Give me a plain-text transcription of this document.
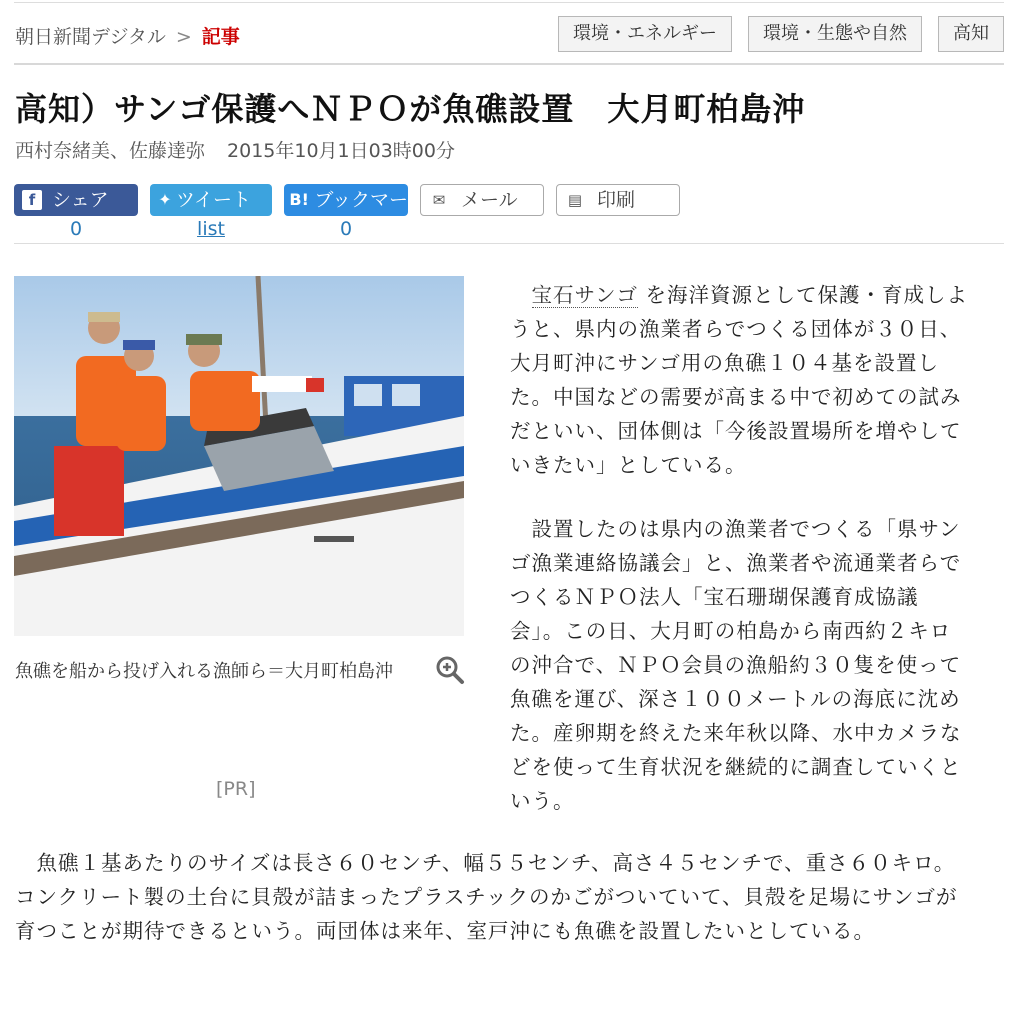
朝日新聞デジタル > 記事	環境・エネルギー	環境・生態や自然	高知
高知）サンゴ保護へＮＰＯが魚礁設置　大月町柏島沖
西村奈緒美、佐藤達弥 2015年10月1日03時00分
f シェア	✦ ツイート B! ブックマー ✉ メール	▤ 印刷
0	list	0
魚礁を船から投げ入れる漁師ら＝大月町柏島沖
[PR]
　宝石サンゴ を海洋資源として保護・育成しようと、県内の漁業者らでつくる団体が３０日、大月町沖にサンゴ用の魚礁１０４基を設置した。中国などの需要が高まる中で初めての試みだといい、団体側は「今後設置場所を増やしていきたい」としている。
　設置したのは県内の漁業者でつくる「県サンゴ漁業連絡協議会」と、漁業者や流通業者らでつくるＮＰＯ法人「宝石珊瑚保護育成協議会」。この日、大月町の柏島から南西約２キロの沖合で、ＮＰＯ会員の漁船約３０隻を使って魚礁を運び、深さ１００メートルの海底に沈めた。産卵期を終えた来年秋以降、水中カメラなどを使って生育状況を継続的に調査していくという。
　魚礁１基あたりのサイズは長さ６０センチ、幅５５センチ、高さ４５センチで、重さ６０キロ。コンクリート製の土台に貝殻が詰まったプラスチックのかごがついていて、貝殻を足場にサンゴが育つことが期待できるという。両団体は来年、室戸沖にも魚礁を設置したいとしている。
